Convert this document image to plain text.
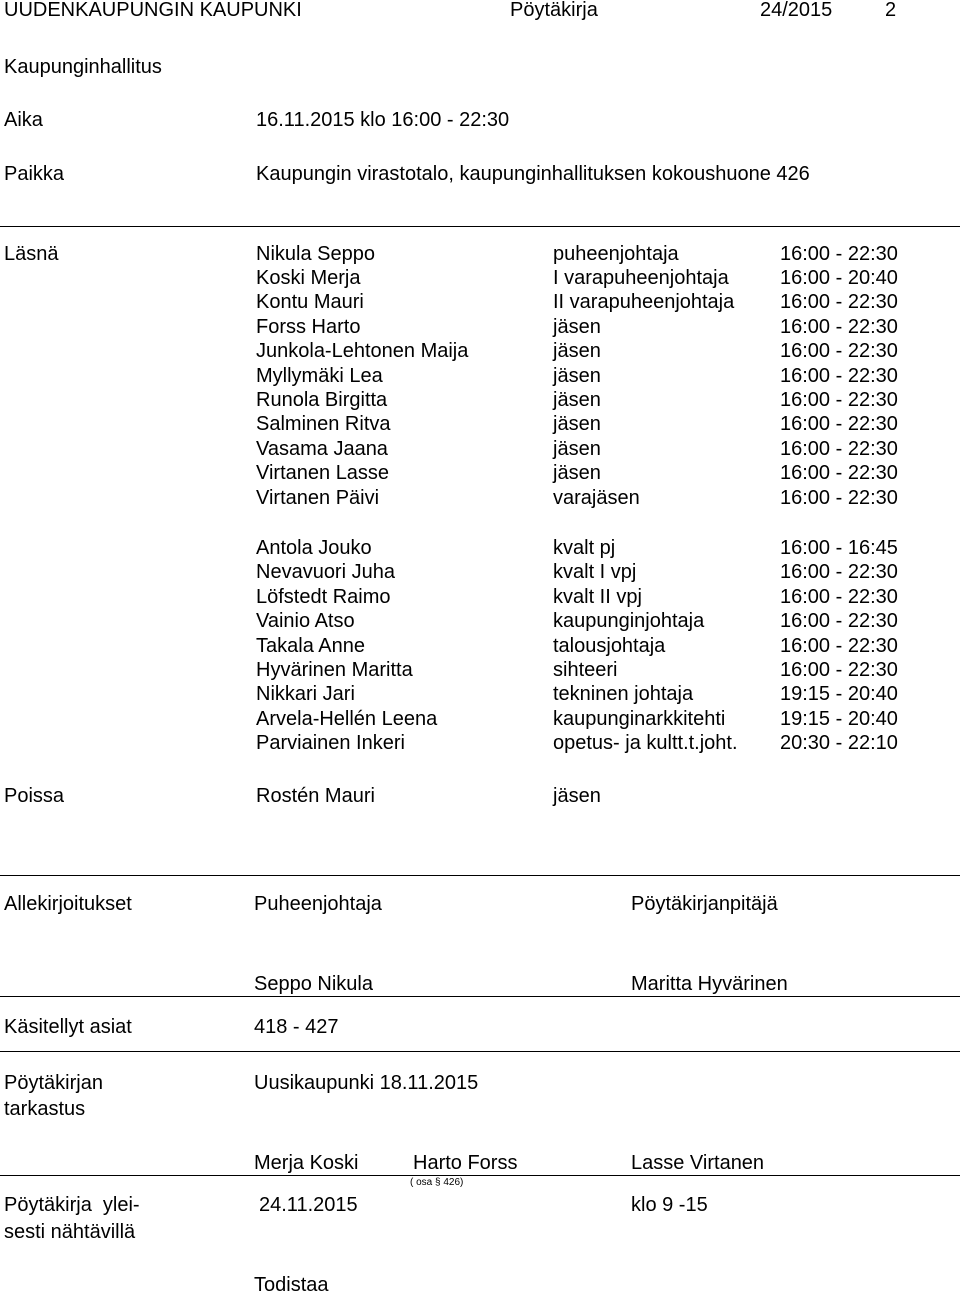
UUDENKAUPUNGIN KAUPUNKI	Pöytäkirja	24/2015	2
Kaupunginhallitus
Aika	16.11.2015 klo 16:00 - 22:30
Paikka	Kaupungin virastotalo, kaupunginhallituksen kokoushuone 426
Läsnä	Nikula Seppo	puheenjohtaja	16:00 - 22:30
Koski Merja	I varapuheenjohtaja	16:00 - 20:40
Kontu Mauri	II varapuheenjohtaja 16:00 - 22:30
Forss Harto	jäsen	16:00 - 22:30
Junkola-Lehtonen Maija	jäsen	16:00 - 22:30
Myllymäki Lea	jäsen	16:00 - 22:30
Runola Birgitta	jäsen	16:00 - 22:30
Salminen Ritva	jäsen	16:00 - 22:30
Vasama Jaana	jäsen	16:00 - 22:30
Virtanen Lasse	jäsen	16:00 - 22:30
Virtanen Päivi	varajäsen	16:00 - 22:30
Antola Jouko	kvalt pj	16:00 - 16:45
Nevavuori Juha	kvalt I vpj	16:00 - 22:30
Löfstedt Raimo	kvalt II vpj	16:00 - 22:30
Vainio Atso	kaupunginjohtaja	16:00 - 22:30
Takala Anne	talousjohtaja	16:00 - 22:30
Hyvärinen Maritta	sihteeri	16:00 - 22:30
Nikkari Jari	tekninen johtaja	19:15 - 20:40
Arvela-Hellén Leena	kaupunginarkkitehti	19:15 - 20:40
Parviainen Inkeri	opetus- ja kultt.t.joht. 20:30 - 22:10
Poissa	Rostén Mauri	jäsen
Allekirjoitukset	Puheenjohtaja	Pöytäkirjanpitäjä
Seppo Nikula	Maritta Hyvärinen
Käsitellyt asiat	418 - 427
Pöytäkirjan
tarkastus
Uusikaupunki 18.11.2015
Merja Koski	Harto Forss	Lasse Virtanen
( osa § 426)
Pöytäkirja  ylei-
sesti nähtävillä
24.11.2015	klo 9 -15
Todistaa
